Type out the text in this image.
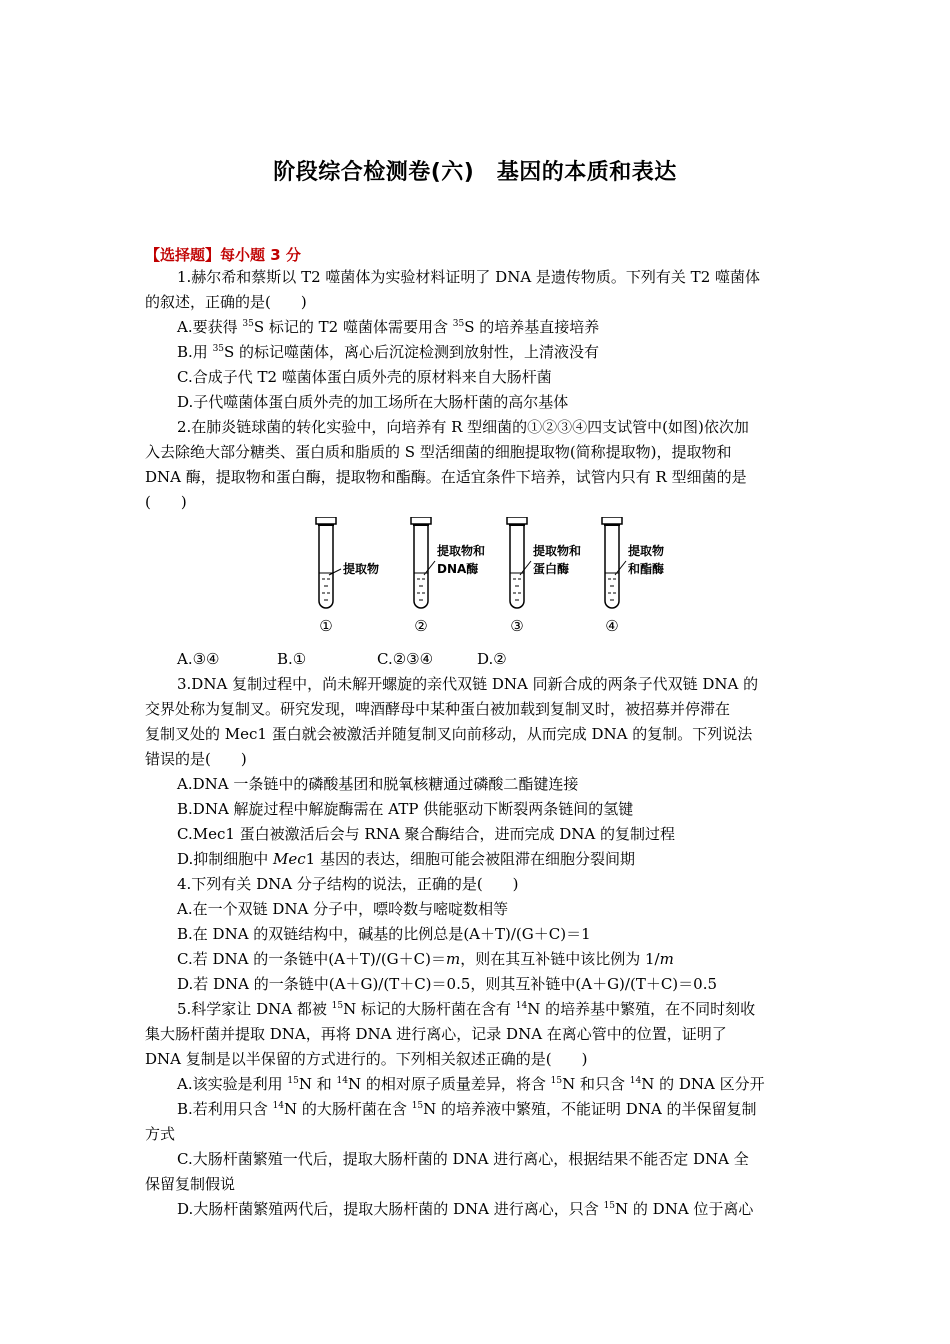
阶段综合检测卷(六)　基因的本质和表达
【选择题】每小题 3 分

1.赫尔希和蔡斯以 T2 噬菌体为实验材料证明了 DNA 是遗传物质。下列有关 T2 噬菌体

的叙述，正确的是(　　)

A.要获得 $^{35}$S 标记的 T2 噬菌体需要用含 $^{35}$S 的培养基直接培养

B.用 $^{35}$S 的标记噬菌体，离心后沉淀检测到放射性，上清液没有

C.合成子代 T2 噬菌体蛋白质外壳的原材料来自大肠杆菌

D.子代噬菌体蛋白质外壳的加工场所在大肠杆菌的高尔基体

2.在肺炎链球菌的转化实验中，向培养有 R 型细菌的①②③④四支试管中(如图)依次加

入去除绝大部分糖类、蛋白质和脂质的 S 型活细菌的细胞提取物(简称提取物)，提取物和

DNA 酶，提取物和蛋白酶，提取物和酯酶。在适宜条件下培养，试管内只有 R 型细菌的是

(　　)

提取物
①
提取物和
DNA酶
②
提取物和
蛋白酶
③
提取物
和酯酶
④
A.③④	B.①	C.②③④	D.②

3.DNA 复制过程中，尚未解开螺旋的亲代双链 DNA 同新合成的两条子代双链 DNA 的

交界处称为复制叉。研究发现，啤酒酵母中某种蛋白被加载到复制叉时，被招募并停滞在

复制叉处的 Mec1 蛋白就会被激活并随复制叉向前移动，从而完成 DNA 的复制。下列说法

错误的是(　　)

A.DNA 一条链中的磷酸基团和脱氧核糖通过磷酸二酯键连接

B.DNA 解旋过程中解旋酶需在 ATP 供能驱动下断裂两条链间的氢键

C.Mec1 蛋白被激活后会与 RNA 聚合酶结合，进而完成 DNA 的复制过程

D.抑制细胞中 Mec1 基因的表达，细胞可能会被阻滞在细胞分裂间期

4.下列有关 DNA 分子结构的说法，正确的是(　　)

A.在一个双链 DNA 分子中，嘌呤数与嘧啶数相等

B.在 DNA 的双链结构中，碱基的比例总是(A＋T)/(G＋C)＝1

C.若 DNA 的一条链中(A＋T)/(G＋C)＝m，则在其互补链中该比例为 1/m

D.若 DNA 的一条链中(A＋G)/(T＋C)＝0.5，则其互补链中(A＋G)/(T＋C)＝0.5

5.科学家让 DNA 都被 $^{15}$N 标记的大肠杆菌在含有 $^{14}$N 的培养基中繁殖，在不同时刻收

集大肠杆菌并提取 DNA，再将 DNA 进行离心，记录 DNA 在离心管中的位置，证明了

DNA 复制是以半保留的方式进行的。下列相关叙述正确的是(　　)

A.该实验是利用 $^{15}$N 和 $^{14}$N 的相对原子质量差异，将含 $^{15}$N 和只含 $^{14}$N 的 DNA 区分开

B.若利用只含 $^{14}$N 的大肠杆菌在含 $^{15}$N 的培养液中繁殖，不能证明 DNA 的半保留复制

方式

C.大肠杆菌繁殖一代后，提取大肠杆菌的 DNA 进行离心，根据结果不能否定 DNA 全

保留复制假说

D.大肠杆菌繁殖两代后，提取大肠杆菌的 DNA 进行离心，只含 $^{15}$N 的 DNA 位于离心
